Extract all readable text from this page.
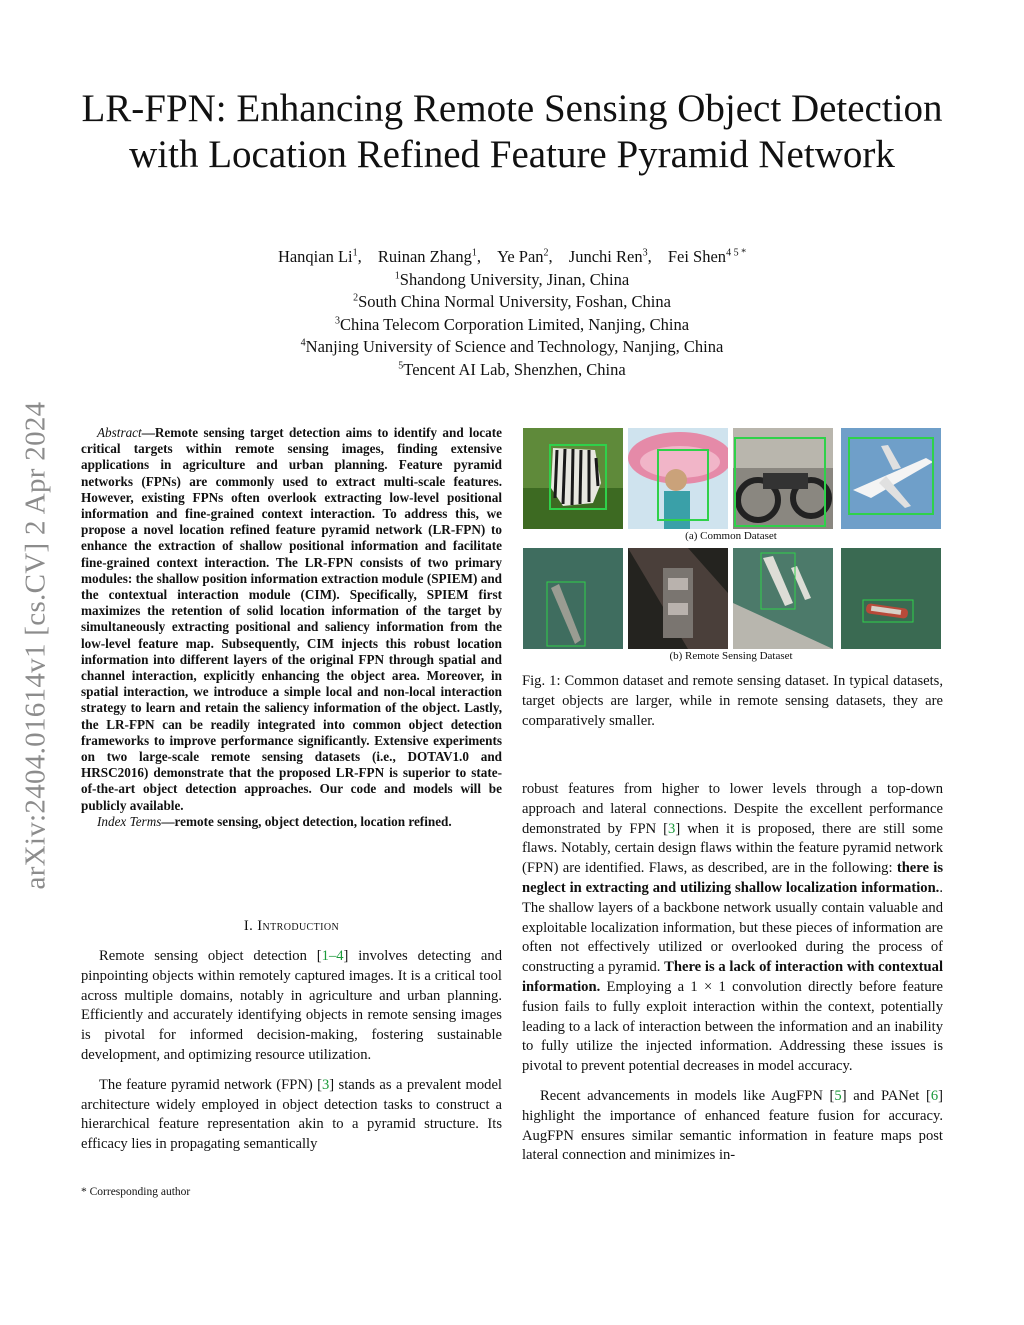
arXiv:2404.01614v1 [cs.CV] 2 Apr 2024
LR-FPN: Enhancing Remote Sensing Object Detection with Location Refined Feature Pyramid Network
Hanqian Li$^1$, Ruinan Zhang$^1$, Ye Pan$^2$, Junchi Ren$^3$, Fei Shen$^{4 5 *}$
$^1$Shandong University, Jinan, China
$^2$South China Normal University, Foshan, China
$^3$China Telecom Corporation Limited, Nanjing, China
$^4$Nanjing University of Science and Technology, Nanjing, China
$^5$Tencent AI Lab, Shenzhen, China

Abstract—Remote sensing target detection aims to identify and locate critical targets within remote sensing images, finding extensive applications in agriculture and urban planning. Feature pyramid networks (FPNs) are commonly used to extract multi-scale features. However, existing FPNs often overlook extracting low-level positional information and fine-grained context interaction. To address this, we propose a novel location refined feature pyramid network (LR-FPN) to enhance the extraction of shallow positional information and facilitate fine-grained context interaction. The LR-FPN consists of two primary modules: the shallow position information extraction module (SPIEM) and the contextual interaction module (CIM). Specifically, SPIEM first maximizes the retention of solid location information of the target by simultaneously extracting positional and saliency information from the low-level feature map. Subsequently, CIM injects this robust location information into different layers of the original FPN through spatial and channel interaction, explicitly enhancing the object area. Moreover, in spatial interaction, we introduce a simple local and non-local interaction strategy to learn and retain the saliency information of the object. Lastly, the LR-FPN can be readily integrated into common object detection frameworks to improve performance significantly. Extensive experiments on two large-scale remote sensing datasets (i.e., DOTAV1.0 and HRSC2016) demonstrate that the proposed LR-FPN is superior to state-of-the-art object detection approaches. Our code and models will be publicly available.

Index Terms—remote sensing, object detection, location refined.

I. Introduction

Remote sensing object detection [1–4] involves detecting and pinpointing objects within remotely captured images. It is a critical tool across multiple domains, notably in agriculture and urban planning. Efficiently and accurately identifying objects in remote sensing images is pivotal for informed decision-making, fostering sustainable development, and optimizing resource utilization.

The feature pyramid network (FPN) [3] stands as a prevalent model architecture widely employed in object detection tasks to construct a hierarchical feature representation akin to a pyramid structure. Its efficacy lies in propagating semantically

* Corresponding author
(a) Common Dataset
(b) Remote Sensing Dataset
Fig. 1: Common dataset and remote sensing dataset. In typical datasets, target objects are larger, while in remote sensing datasets, they are comparatively smaller.

robust features from higher to lower levels through a top-down approach and lateral connections. Despite the excellent performance demonstrated by FPN [3] when it is proposed, there are still some flaws. Notably, certain design flaws within the feature pyramid network (FPN) are identified. Flaws, as described, are in the following: there is neglect in extracting and utilizing shallow localization information.. The shallow layers of a backbone network usually contain valuable and exploitable localization information, but these pieces of information are often not effectively utilized or overlooked during the process of constructing a pyramid. There is a lack of interaction with contextual information. Employing a 1 × 1 convolution directly before feature fusion fails to fully exploit interaction within the context, potentially leading to a lack of interaction between the information and an inability to fully utilize the injected information. Addressing these issues is pivotal to prevent potential decreases in model accuracy.

Recent advancements in models like AugFPN [5] and PANet [6] highlight the importance of enhanced feature fusion for accuracy. AugFPN ensures similar semantic information in feature maps post lateral connection and minimizes in-
